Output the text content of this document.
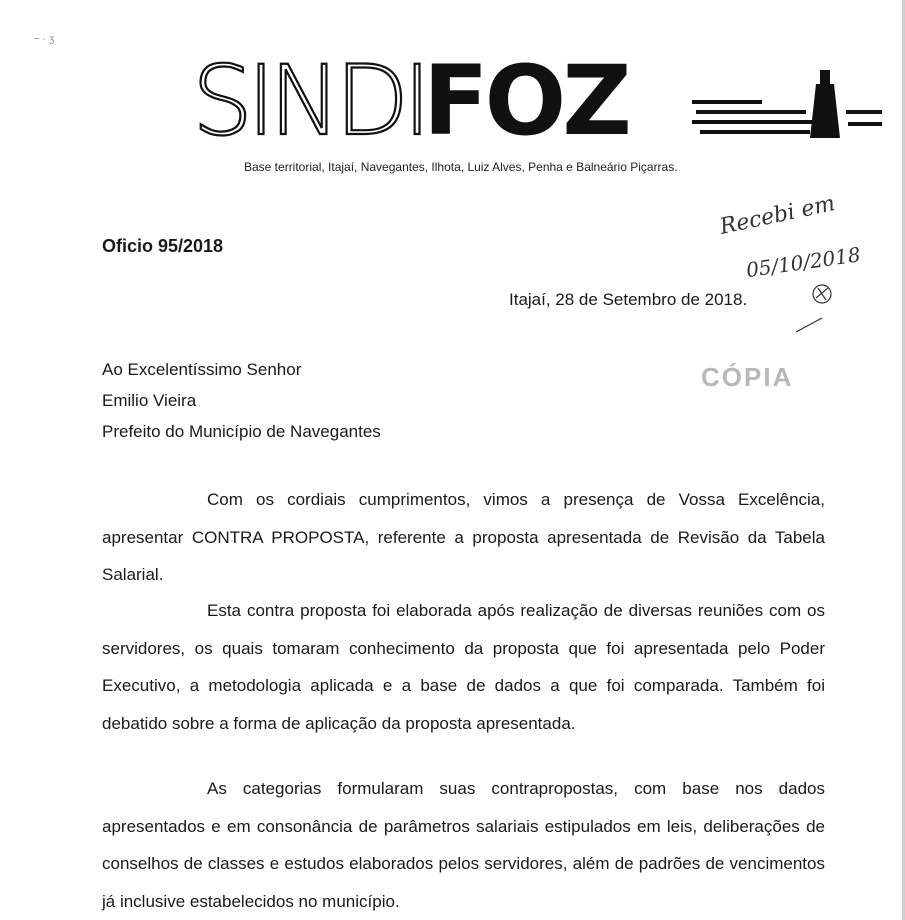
~ · ʒ
SINDI
FOZ
Base territorial, Itajaí, Navegantes, Ilhota, Luiz Alves, Penha e Balneário Piçarras.
Oficio 95/2018
Recebi em
05/10/2018
Itajaí, 28 de Setembro de 2018.
CÓPIA
Ao Excelentíssimo Senhor
Emilio Vieira
Prefeito do Município de Navegantes

Com os cordiais cumprimentos, vimos a presença de Vossa Excelência, apresentar CONTRA PROPOSTA, referente a proposta apresentada de Revisão da Tabela Salarial.

Esta contra proposta foi elaborada após realização de diversas reuniões com os servidores, os quais tomaram conhecimento da proposta que foi apresentada pelo Poder Executivo, a metodologia aplicada e a base de dados a que foi comparada. Também foi debatido sobre a forma de aplicação da proposta apresentada.

As categorias formularam suas contrapropostas, com base nos dados apresentados e em consonância de parâmetros salariais estipulados em leis, deliberações de conselhos de classes e estudos elaborados pelos servidores, além de padrões de vencimentos já inclusive estabelecidos no município.
